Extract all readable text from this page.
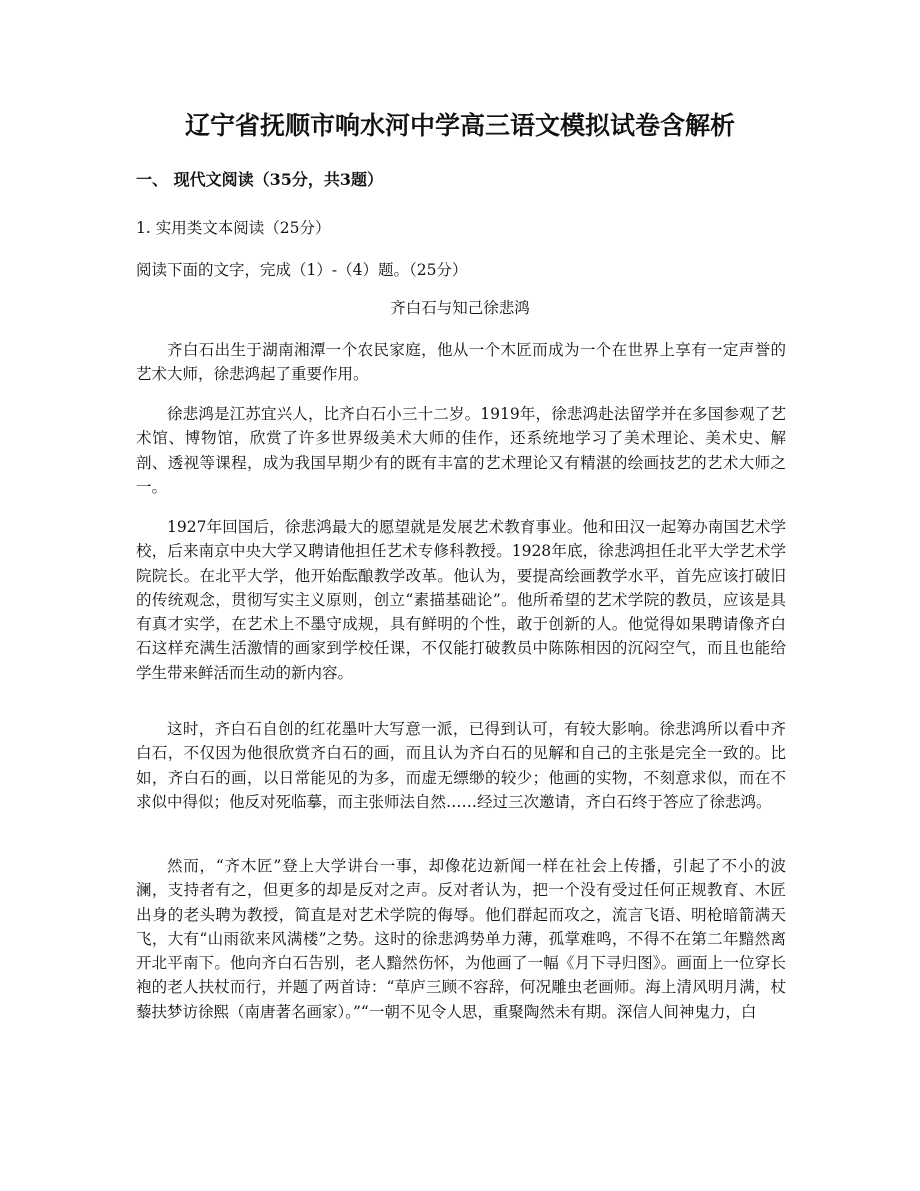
辽宁省抚顺市响水河中学高三语文模拟试卷含解析
一、 现代文阅读（35分，共3题）
1. 实用类文本阅读（25分）
阅读下面的文字，完成（1）-（4）题。（25分）
齐白石与知己徐悲鸿

齐白石出生于湖南湘潭一个农民家庭，他从一个木匠而成为一个在世界上享有一定声誉的艺术大师，徐悲鸿起了重要作用。

徐悲鸿是江苏宜兴人，比齐白石小三十二岁。1919年，徐悲鸿赴法留学并在多国参观了艺术馆、博物馆，欣赏了许多世界级美术大师的佳作，还系统地学习了美术理论、美术史、解剖、透视等课程，成为我国早期少有的既有丰富的艺术理论又有精湛的绘画技艺的艺术大师之一。

1927年回国后，徐悲鸿最大的愿望就是发展艺术教育事业。他和田汉一起筹办南国艺术学校，后来南京中央大学又聘请他担任艺术专修科教授。1928年底，徐悲鸿担任北平大学艺术学院院长。在北平大学，他开始酝酿教学改革。他认为，要提高绘画教学水平，首先应该打破旧的传统观念，贯彻写实主义原则，创立“素描基础论”。他所希望的艺术学院的教员，应该是具有真才实学，在艺术上不墨守成规，具有鲜明的个性，敢于创新的人。他觉得如果聘请像齐白石这样充满生活激情的画家到学校任课，不仅能打破教员中陈陈相因的沉闷空气，而且也能给学生带来鲜活而生动的新内容。

这时，齐白石自创的红花墨叶大写意一派，已得到认可，有较大影响。徐悲鸿所以看中齐白石，不仅因为他很欣赏齐白石的画，而且认为齐白石的见解和自己的主张是完全一致的。比如，齐白石的画，以日常能见的为多，而虚无缥缈的较少；他画的实物，不刻意求似，而在不求似中得似；他反对死临摹，而主张师法自然……经过三次邀请，齐白石终于答应了徐悲鸿。

然而，“齐木匠”登上大学讲台一事，却像花边新闻一样在社会上传播，引起了不小的波澜，支持者有之，但更多的却是反对之声。反对者认为，把一个没有受过任何正规教育、木匠出身的老头聘为教授，简直是对艺术学院的侮辱。他们群起而攻之，流言飞语、明枪暗箭满天飞，大有“山雨欲来风满楼”之势。这时的徐悲鸿势单力薄，孤掌难鸣，不得不在第二年黯然离开北平南下。他向齐白石告别，老人黯然伤怀，为他画了一幅《月下寻归图》。画面上一位穿长袍的老人扶杖而行，并题了两首诗：“草庐三顾不容辞，何况雕虫老画师。海上清风明月满，杖藜扶梦访徐熙（南唐著名画家）。”“一朝不见令人思，重聚陶然未有期。深信人间神鬼力，白
